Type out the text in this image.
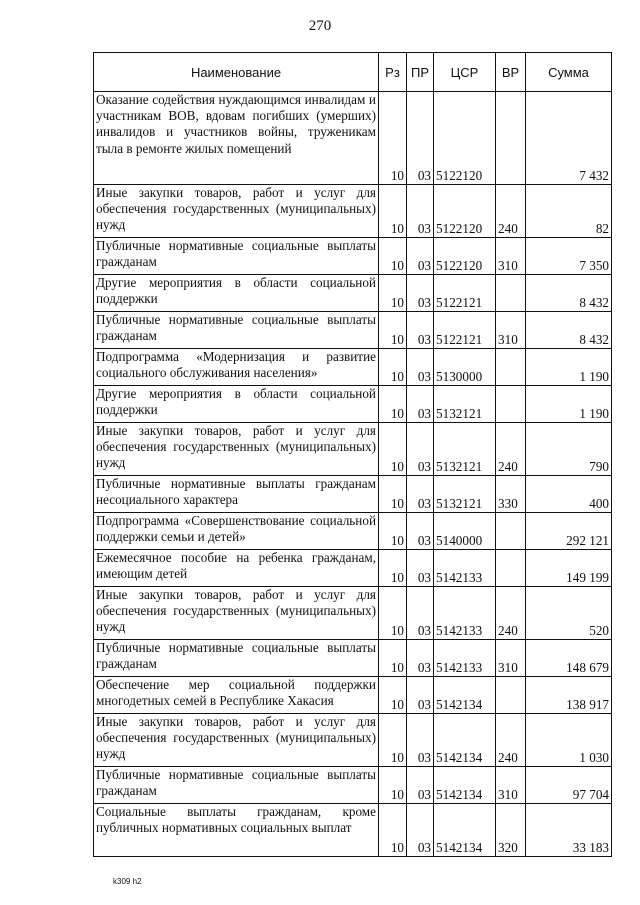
270
Наименование	Рз	ПР	ЦСР	ВР	Сумма
Оказание содействия нуждающимся инвалидам и участникам ВОВ, вдовам погибших (умерших) инвалидов и участников войны, труженикам тыла в ремонте жилых помещений	10	03	5122120		7 432
Иные закупки товаров, работ и услуг для обеспечения государственных (муниципальных) нужд	10	03	5122120	240	82
Публичные нормативные социальные выплаты гражданам	10	03	5122120	310	7 350
Другие мероприятия в области социальной поддержки	10	03	5122121		8 432
Публичные нормативные социальные выплаты гражданам	10	03	5122121	310	8 432
Подпрограмма «Модернизация и развитие социального обслуживания населения»	10	03	5130000		1 190
Другие мероприятия в области социальной поддержки	10	03	5132121		1 190
Иные закупки товаров, работ и услуг для обеспечения государственных (муниципальных) нужд	10	03	5132121	240	790
Публичные нормативные выплаты гражданам несоциального характера	10	03	5132121	330	400
Подпрограмма «Совершенствование социальной поддержки семьи и детей»	10	03	5140000		292 121
Ежемесячное пособие на ребенка гражданам, имеющим детей	10	03	5142133		149 199
Иные закупки товаров, работ и услуг для обеспечения государственных (муниципальных) нужд	10	03	5142133	240	520
Публичные нормативные социальные выплаты гражданам	10	03	5142133	310	148 679
Обеспечение мер социальной поддержки многодетных семей в Республике Хакасия	10	03	5142134		138 917
Иные закупки товаров, работ и услуг для обеспечения государственных (муниципальных) нужд	10	03	5142134	240	1 030
Публичные нормативные социальные выплаты гражданам	10	03	5142134	310	97 704
Социальные выплаты гражданам, кроме публичных нормативных социальных выплат	10	03	5142134	320	33 183
k309 h2
